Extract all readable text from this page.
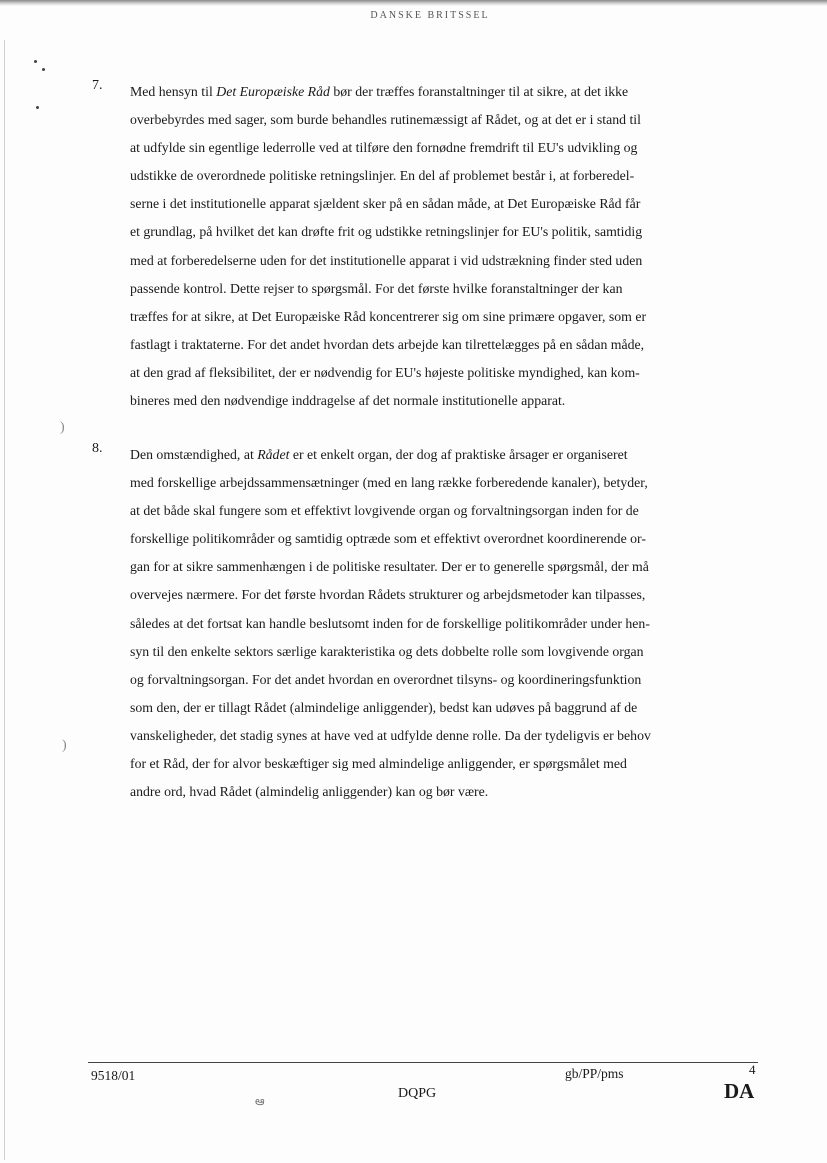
DANSKE BRITSSEL
)
)
7. Med hensyn til Det Europæiske Råd bør der træffes foranstaltninger til at sikre, at det ikke
overbebyrdes med sager, som burde behandles rutinemæssigt af Rådet, og at det er i stand til
at udfylde sin egentlige lederrolle ved at tilføre den fornødne fremdrift til EU's udvikling og
udstikke de overordnede politiske retningslinjer. En del af problemet består i, at forberedel-
serne i det institutionelle apparat sjældent sker på en sådan måde, at Det Europæiske Råd får
et grundlag, på hvilket det kan drøfte frit og udstikke retningslinjer for EU's politik, samtidig
med at forberedelserne uden for det institutionelle apparat i vid udstrækning finder sted uden
passende kontrol. Dette rejser to spørgsmål. For det første hvilke foranstaltninger der kan
træffes for at sikre, at Det Europæiske Råd koncentrerer sig om sine primære opgaver, som er
fastlagt i traktaterne. For det andet hvordan dets arbejde kan tilrettelægges på en sådan måde,
at den grad af fleksibilitet, der er nødvendig for EU's højeste politiske myndighed, kan kom-
bineres med den nødvendige inddragelse af det normale institutionelle apparat.
8. Den omstændighed, at Rådet er et enkelt organ, der dog af praktiske årsager er organiseret
med forskellige arbejdssammensætninger (med en lang række forberedende kanaler), betyder,
at det både skal fungere som et effektivt lovgivende organ og forvaltningsorgan inden for de
forskellige politikområder og samtidig optræde som et effektivt overordnet koordinerende or-
gan for at sikre sammenhængen i de politiske resultater. Der er to generelle spørgsmål, der må
overvejes nærmere. For det første hvordan Rådets strukturer og arbejdsmetoder kan tilpasses,
således at det fortsat kan handle beslutsomt inden for de forskellige politikområder under hen-
syn til den enkelte sektors særlige karakteristika og dets dobbelte rolle som lovgivende organ
og forvaltningsorgan. For det andet hvordan en overordnet tilsyns- og koordineringsfunktion
som den, der er tillagt Rådet (almindelige anliggender), bedst kan udøves på baggrund af de
vanskeligheder, det stadig synes at have ved at udfylde denne rolle. Da der tydeligvis er behov
for et Råd, der for alvor beskæftiger sig med almindelige anliggender, er spørgsmålet med
andre ord, hvad Rådet (almindelig anliggender) kan og bør være.
9518/01	gb/PP/pms	4
DQPG	DA
ఆ
